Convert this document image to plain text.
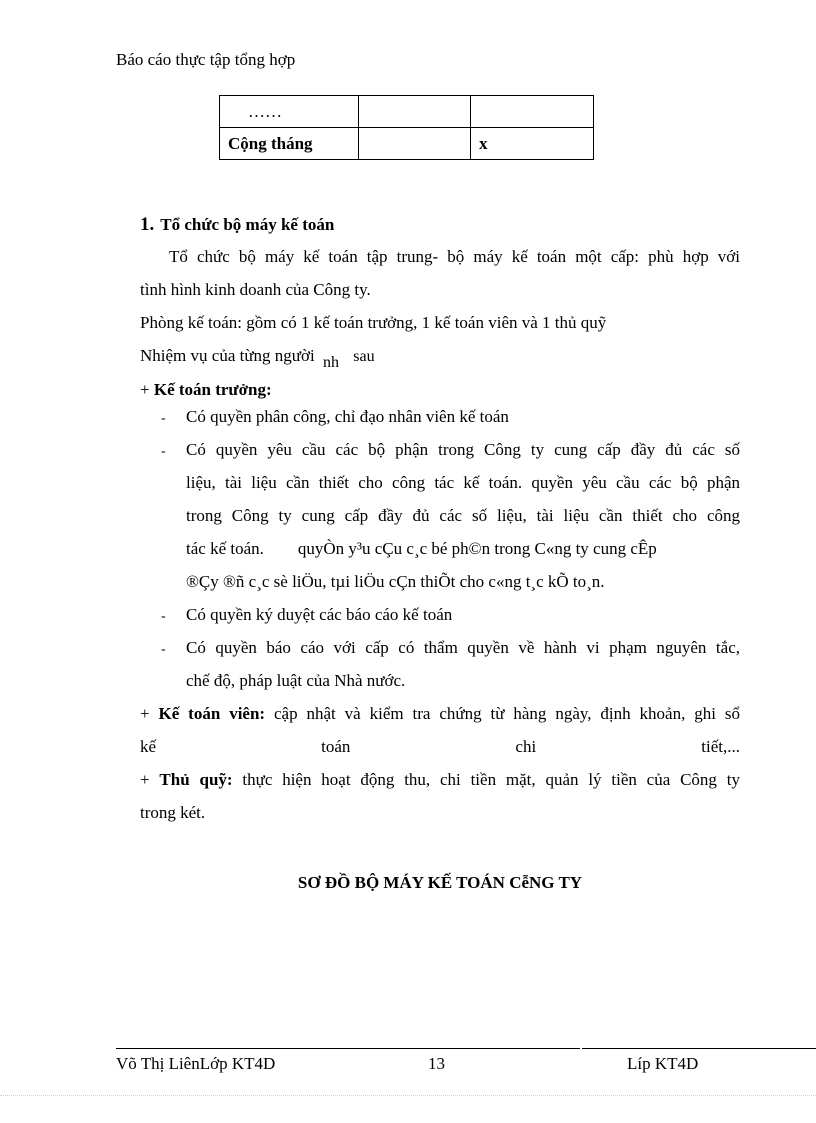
Báo cáo thực tập tổng hợp
……		
Cộng tháng		x
1. Tổ chức bộ máy kế toán
Tổ chức bộ máy kế toán tập trung- bộ máy kế toán một cấp: phù hợp với
tình hình kinh doanh của Công ty.
Phòng kế toán: gồm có 1 kế toán trưởng, 1 kế toán viên và 1 thủ quỹ
Nhiệm vụ của từng người nh sau
+ Kế toán trưởng:
- Có quyền phân công, chỉ đạo nhân viên kế toán
- Có quyền yêu cầu các bộ phận trong Công ty cung cấp đầy đủ các số
liệu, tài liệu cần thiết cho công tác kế toán. quyền yêu cầu các bộ phận
trong Công ty cung cấp đầy đủ các số liệu, tài liệu cần thiết cho công
tác kế toán.        quyÒn y³u cÇu c¸c bé ph©n trong C«ng ty cung cÊp
®Çy ®ñ c¸c sè liÖu, tµi liÖu cÇn thiÕt cho c«ng t¸c kÕ to¸n.
- Có quyền ký duyệt các báo cáo kế toán
- Có quyền báo cáo với cấp có thẩm quyền về hành vi phạm nguyên tắc,
chế độ, pháp luật của Nhà nước.
+ Kế toán viên: cập nhật và kiểm tra chứng từ hàng ngày, định khoản, ghi sổ
kế	toán	chi	tiết,...
+ Thủ quỹ: thực hiện hoạt động thu, chi tiền mặt, quản lý tiền của Công ty
trong két.
SƠ ĐỒ BỘ MÁY KẾ TOÁN CễNG TY
Võ Thị LiênLớp KT4D	13	Líp KT4D
